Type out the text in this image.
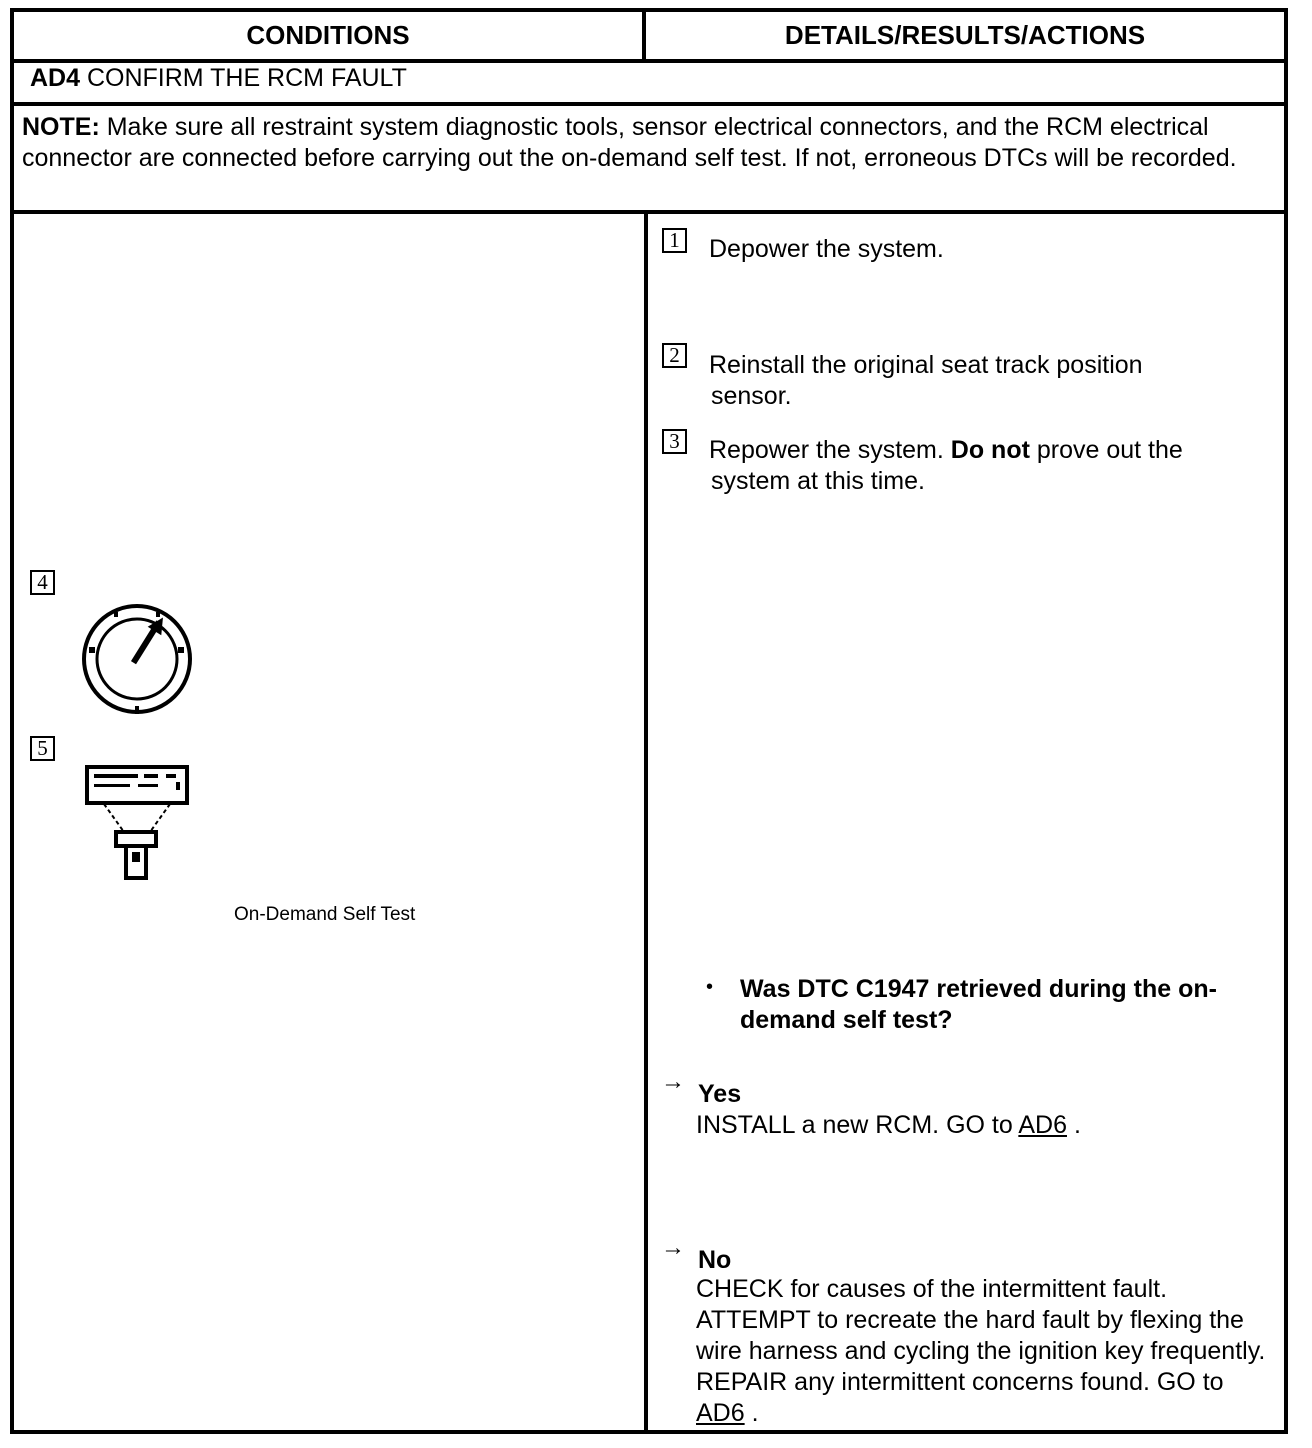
CONDITIONS	DETAILS/RESULTS/ACTIONS
AD4 CONFIRM THE RCM FAULT
NOTE: Make sure all restraint system diagnostic tools, sensor electrical connectors, and the RCM electrical connector are connected before carrying out the on-demand self test. If not, erroneous DTCs will be recorded.
1 Depower the system.
2 Reinstall the original seat track position
sensor.
3 Repower the system. Do not prove out the
system at this time.
4
5
On-Demand Self Test
• Was DTC C1947 retrieved during the on-demand self test?
→ Yes
INSTALL a new RCM. GO to AD6 .
→ No
CHECK for causes of the intermittent fault. ATTEMPT to recreate the hard fault by flexing the wire harness and cycling the ignition key frequently. REPAIR any intermittent concerns found. GO to AD6 .
